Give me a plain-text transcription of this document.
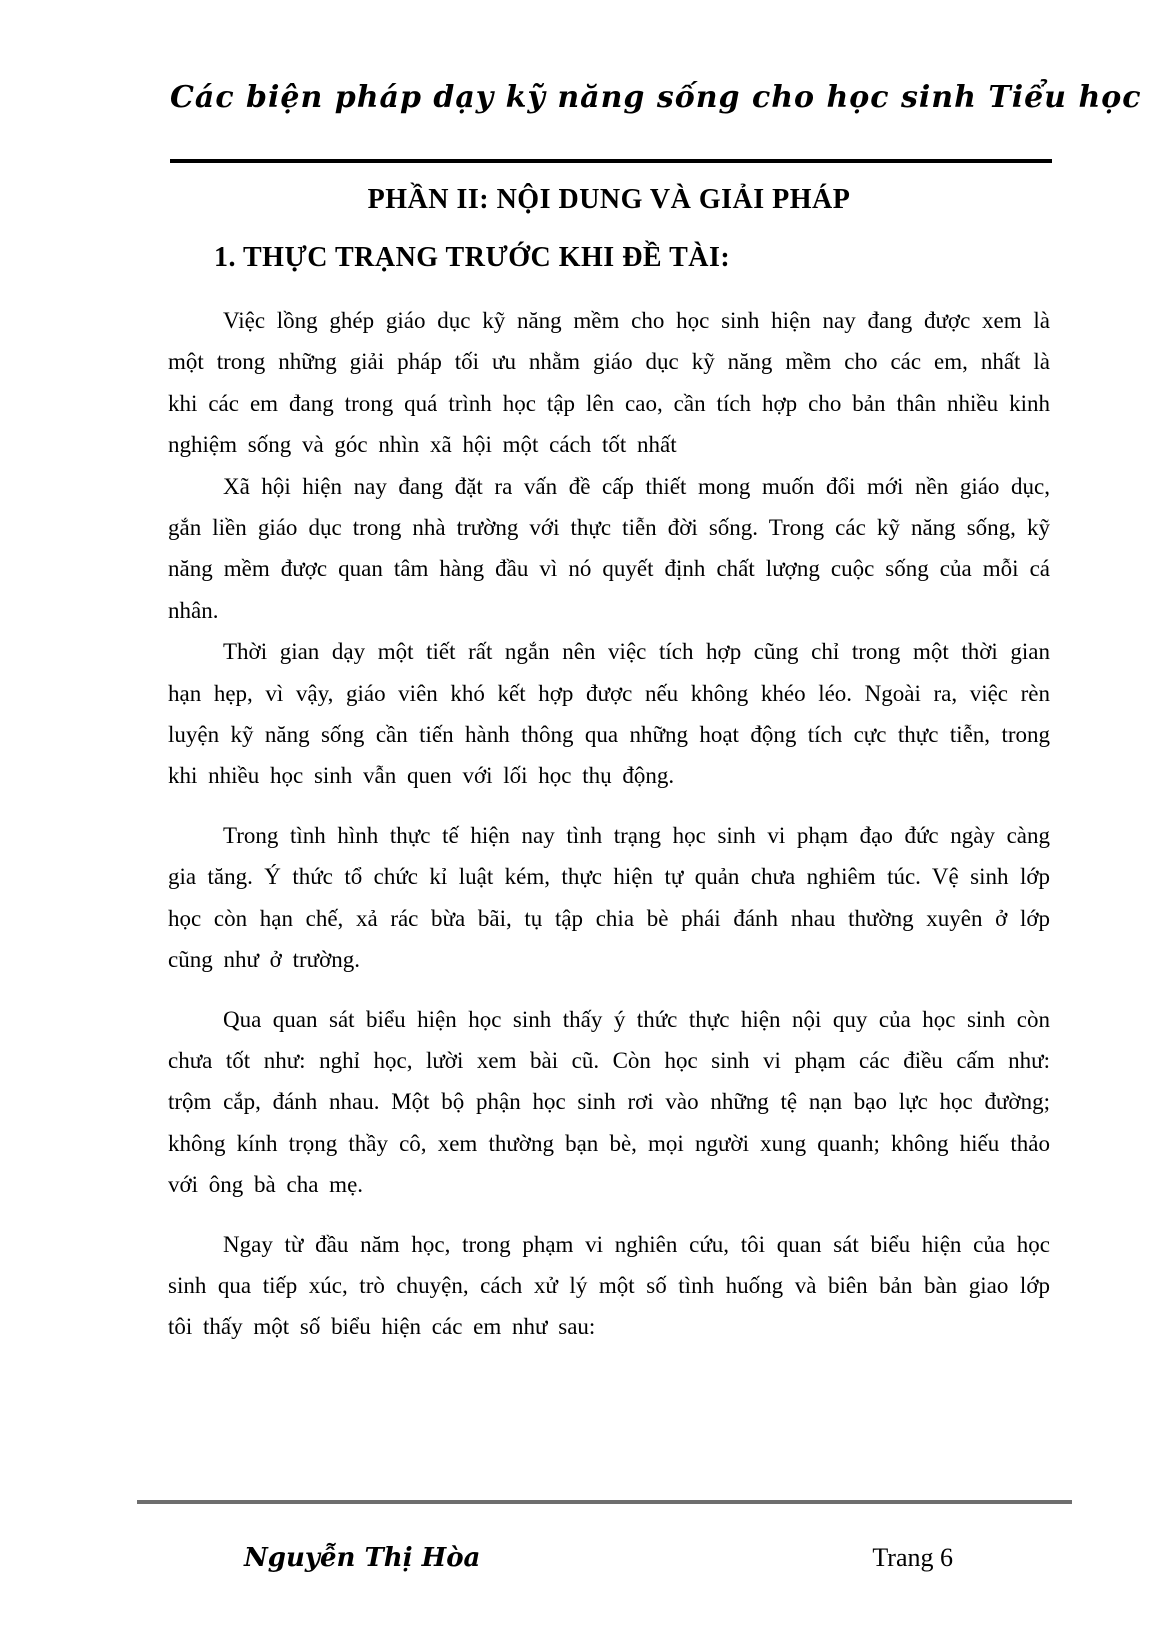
Các biện pháp dạy kỹ năng sống cho học sinh Tiểu học
PHẦN II: NỘI DUNG VÀ GIẢI PHÁP
1. THỰC TRẠNG TRƯỚC KHI ĐỀ TÀI:

Việc lồng ghép giáo dục kỹ năng mềm cho học sinh hiện nay đang được xem là một trong những giải pháp tối ưu nhằm giáo dục kỹ năng mềm cho các em, nhất là khi các em đang trong quá trình học tập lên cao, cần tích hợp cho bản thân nhiều kinh nghiệm sống và góc nhìn xã hội một cách tốt nhất

Xã hội hiện nay đang đặt ra vấn đề cấp thiết mong muốn đổi mới nền giáo dục, gắn liền giáo dục trong nhà trường với thực tiễn đời sống. Trong các kỹ năng sống, kỹ năng mềm được quan tâm hàng đầu vì nó quyết định chất lượng cuộc sống của mỗi cá nhân.

Thời gian dạy một tiết rất ngắn nên việc tích hợp cũng chỉ trong một thời gian hạn hẹp, vì vậy, giáo viên khó kết hợp được nếu không khéo léo. Ngoài ra, việc rèn luyện kỹ năng sống cần tiến hành thông qua những hoạt động tích cực thực tiễn, trong khi nhiều học sinh vẫn quen với lối học thụ động.

Trong tình hình thực tế hiện nay tình trạng học sinh vi phạm đạo đức ngày càng gia tăng. Ý thức tổ chức kỉ luật kém, thực hiện tự quản chưa nghiêm túc. Vệ sinh lớp học còn hạn chế, xả rác bừa bãi, tụ tập chia bè phái đánh nhau thường xuyên ở lớp cũng như ở trường.

Qua quan sát biểu hiện học sinh thấy ý thức thực hiện nội quy của học sinh còn chưa tốt như: nghỉ học, lười xem bài cũ. Còn học sinh vi phạm các điều cấm như: trộm cắp, đánh nhau. Một bộ phận học sinh rơi vào những tệ nạn bạo lực học đường; không kính trọng thầy cô, xem thường bạn bè, mọi người xung quanh; không hiếu thảo với ông bà cha mẹ.

Ngay từ đầu năm học, trong phạm vi nghiên cứu, tôi quan sát biểu hiện của học sinh qua tiếp xúc, trò chuyện, cách xử lý một số tình huống và biên bản bàn giao lớp tôi thấy một số biểu hiện các em như sau:

Nguyễn Thị Hòa	Trang 6
